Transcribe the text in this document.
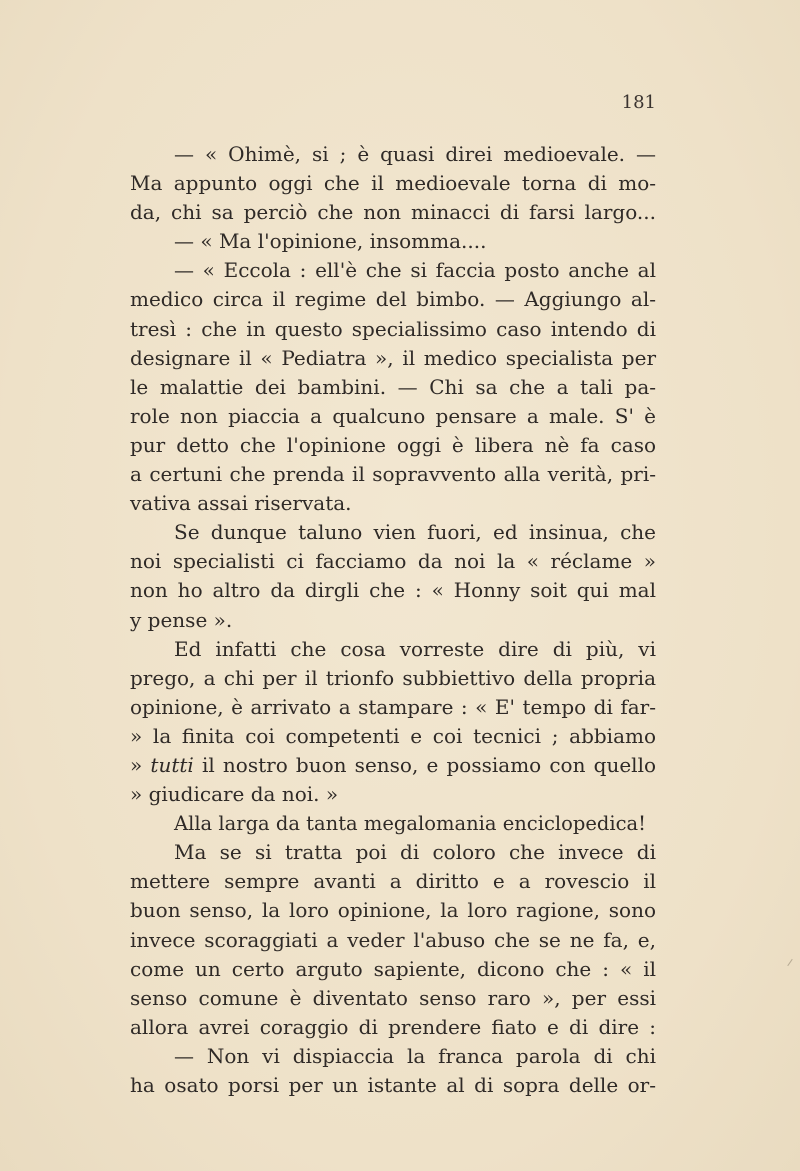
181
— « Ohimè, si ; è quasi direi medioevale. —
Ma appunto oggi che il medioevale torna di mo-
da, chi sa perciò che non minacci di farsi largo...
— « Ma l'opinione, insomma....
— « Eccola : ell'è che si faccia posto anche al
medico circa il regime del bimbo. — Aggiungo al-
tresì : che in questo specialissimo caso intendo di
designare il « Pediatra », il medico specialista per
le malattie dei bambini. — Chi sa che a tali pa-
role non piaccia a qualcuno pensare a male. S' è
pur detto che l'opinione oggi è libera nè fa caso
a certuni che prenda il sopravvento alla verità, pri-
vativa assai riservata.
Se dunque taluno vien fuori, ed insinua, che
noi specialisti ci facciamo da noi la « réclame »
non ho altro da dirgli che : « Honny soit qui mal
y pense ».
Ed infatti che cosa vorreste dire di più, vi
prego, a chi per il trionfo subbiettivo della propria
opinione, è arrivato a stampare : « E' tempo di far-
» la finita coi competenti e coi tecnici ; abbiamo
» tutti il nostro buon senso, e possiamo con quello
» giudicare da noi. »
Alla larga da tanta megalomania enciclopedica!
Ma se si tratta poi di coloro che invece di
mettere sempre avanti a diritto e a rovescio il
buon senso, la loro opinione, la loro ragione, sono
invece scoraggiati a veder l'abuso che se ne fa, e,
come un certo arguto sapiente, dicono che : « il
senso comune è diventato senso raro », per essi
allora avrei coraggio di prendere fiato e di dire :
— Non vi dispiaccia la franca parola di chi
ha osato porsi per un istante al di sopra delle or-
